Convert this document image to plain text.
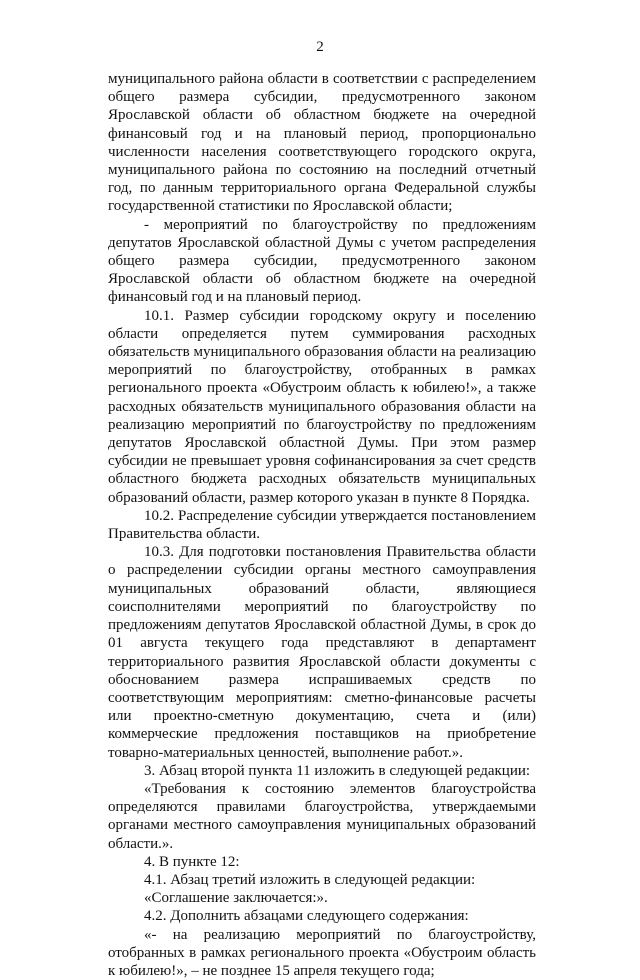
2

муниципального района области в соответствии с распределением общего размера субсидии, предусмотренного законом Ярославской области об областном бюджете на очередной финансовый год и на плановый период, пропорционально численности населения соответствующего городского округа, муниципального района по состоянию на последний отчетный год, по данным территориального органа Федеральной службы государственной статистики по Ярославской области;

- мероприятий по благоустройству по предложениям депутатов Ярославской областной Думы с учетом распределения общего размера субсидии, предусмотренного законом Ярославской области об областном бюджете на очередной финансовый год и на плановый период.

10.1. Размер субсидии городскому округу и поселению области определяется путем суммирования расходных обязательств муниципального образования области на реализацию мероприятий по благоустройству, отобранных в рамках регионального проекта «Обустроим область к юбилею!», а также расходных обязательств муниципального образования области на реализацию мероприятий по благоустройству по предложениям депутатов Ярославской областной Думы. При этом размер субсидии не превышает уровня софинансирования за счет средств областного бюджета расходных обязательств муниципальных образований области, размер которого указан в пункте 8 Порядка.

10.2. Распределение субсидии утверждается постановлением Правительства области.

10.3. Для подготовки постановления Правительства области о распределении субсидии органы местного самоуправления муниципальных образований области, являющиеся соисполнителями мероприятий по благоустройству по предложениям депутатов Ярославской областной Думы, в срок до 01 августа текущего года представляют в департамент территориального развития Ярославской области документы с обоснованием размера испрашиваемых средств по соответствующим мероприятиям: сметно-финансовые расчеты или проектно-сметную документацию, счета и (или) коммерческие предложения поставщиков на приобретение товарно-материальных ценностей, выполнение работ.».

3. Абзац второй пункта 11 изложить в следующей редакции:

«Требования к состоянию элементов благоустройства определяются правилами благоустройства, утверждаемыми органами местного самоуправления муниципальных образований области.».

4. В пункте 12:

4.1. Абзац третий изложить в следующей редакции:

«Соглашение заключается:».

4.2. Дополнить абзацами следующего содержания:

«- на реализацию мероприятий по благоустройству, отобранных в рамках регионального проекта «Обустроим область к юбилею!», – не позднее 15 апреля текущего года;
